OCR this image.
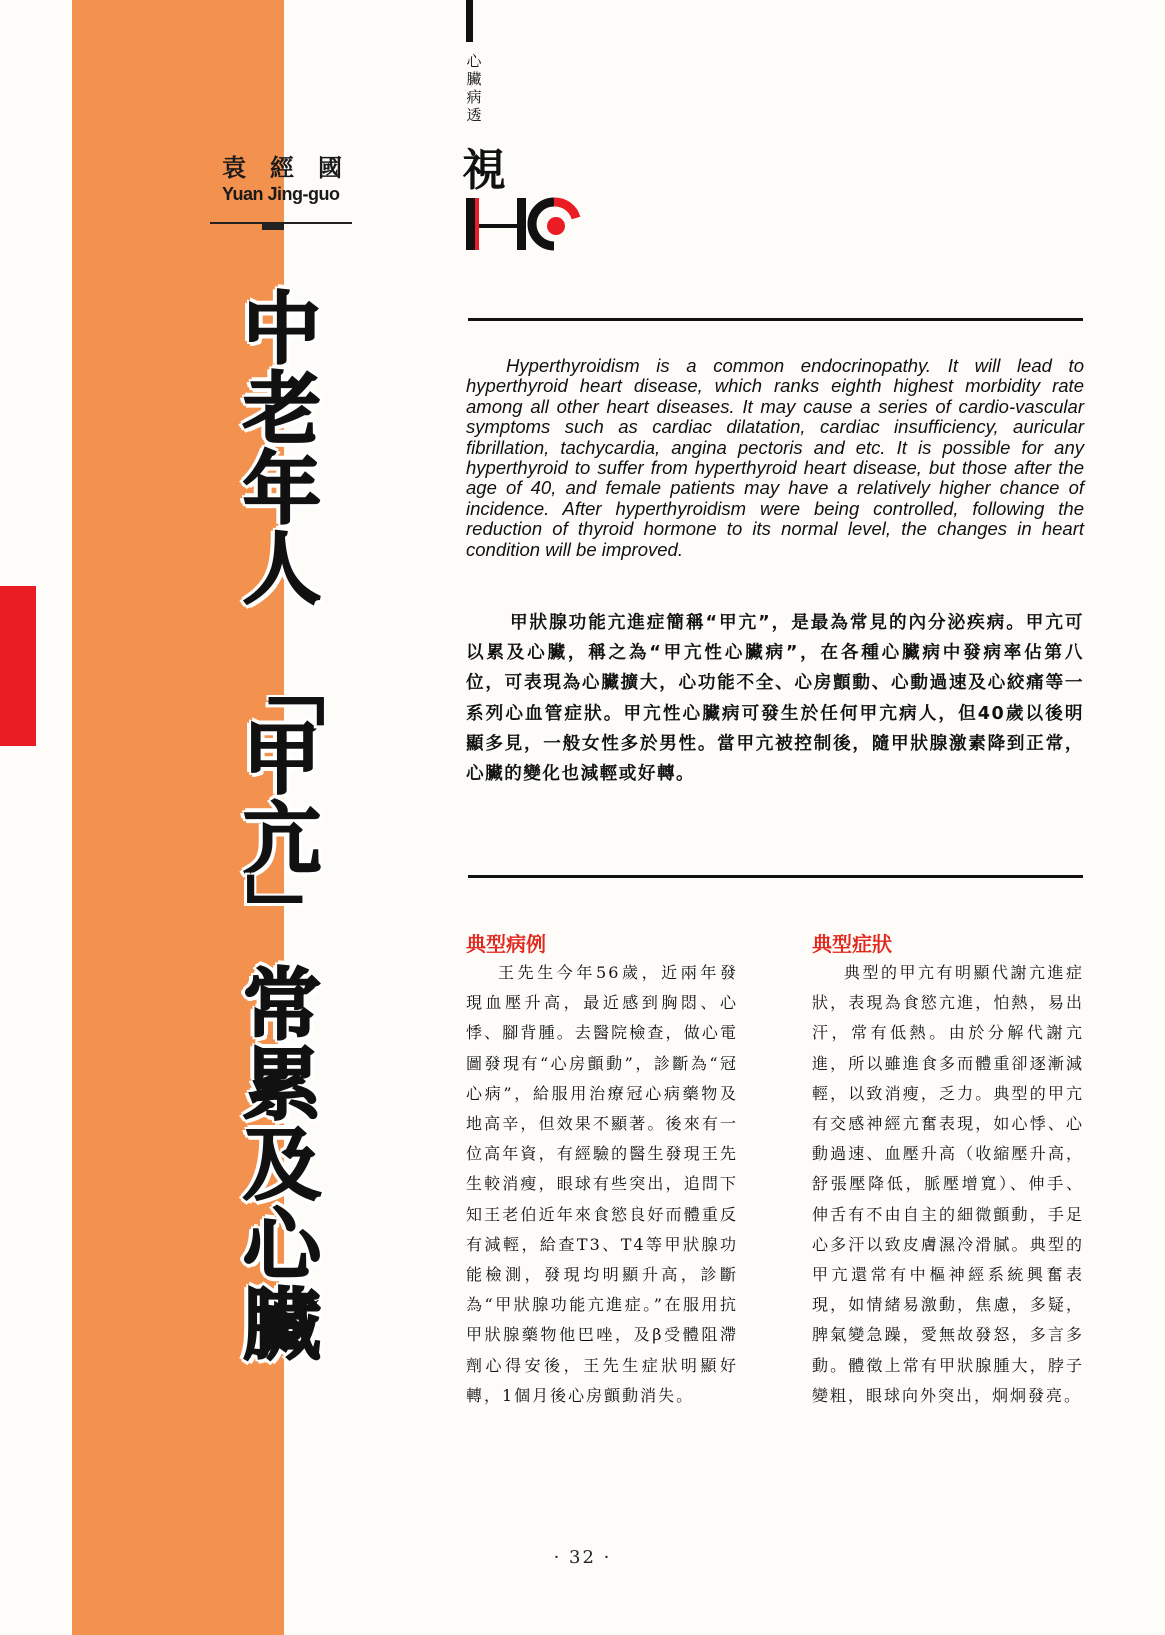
袁經國
Yuan Jing-guo
中
老
年
人
「
甲
亢
」
常
累
及
心
臟
心臟病透
視
HC
Hyperthyroidism is a common endocrinopathy. It will lead to hyperthyroid heart disease, which ranks eighth highest morbidity rate among all other heart diseases. It may cause a series of cardio-vascular symptoms such as cardiac dilatation, cardiac insufficiency, auricular fibrillation, tachycardia, angina pectoris and etc. It is possible for any hyperthyroid to suffer from hyperthyroid heart disease, but those after the age of 40, and female patients may have a relatively higher chance of incidence. After hyperthyroidism were being controlled, following the reduction of thyroid hormone to its normal level, the changes in heart condition will be improved.
甲狀腺功能亢進症簡稱“甲亢”，是最為常見的內分泌疾病。甲亢可以累及心臟，稱之為“甲亢性心臟病”，在各種心臟病中發病率佔第八位，可表現為心臟擴大，心功能不全、心房顫動、心動過速及心絞痛等一系列心血管症狀。甲亢性心臟病可發生於任何甲亢病人，但40歲以後明顯多見，一般女性多於男性。當甲亢被控制後，隨甲狀腺激素降到正常，心臟的變化也減輕或好轉。
典型病例
王先生今年56歲，近兩年發現血壓升高，最近感到胸悶、心悸、腳背腫。去醫院檢查，做心電圖發現有“心房顫動”，診斷為“冠心病”，給服用治療冠心病藥物及地高辛，但效果不顯著。後來有一位高年資，有經驗的醫生發現王先生較消瘦，眼球有些突出，追問下知王老伯近年來食慾良好而體重反有減輕，給查T3、T4等甲狀腺功能檢測，發現均明顯升高，診斷為“甲狀腺功能亢進症。”在服用抗甲狀腺藥物他巴唑，及β受體阻滯劑心得安後，王先生症狀明顯好轉，1個月後心房顫動消失。
典型症狀
典型的甲亢有明顯代謝亢進症狀，表現為食慾亢進，怕熱，易出汗，常有低熱。由於分解代謝亢進，所以雖進食多而體重卻逐漸減輕，以致消瘦，乏力。典型的甲亢有交感神經亢奮表現，如心悸、心動過速、血壓升高（收縮壓升高，舒張壓降低，脈壓增寬）、伸手、伸舌有不由自主的細微顫動，手足心多汗以致皮膚濕冷滑膩。典型的甲亢還常有中樞神經系統興奮表現，如情緒易激動，焦慮，多疑，脾氣變急躁，愛無故發怒，多言多動。體徵上常有甲狀腺腫大，脖子變粗，眼球向外突出，炯炯發亮。
· 32 ·
